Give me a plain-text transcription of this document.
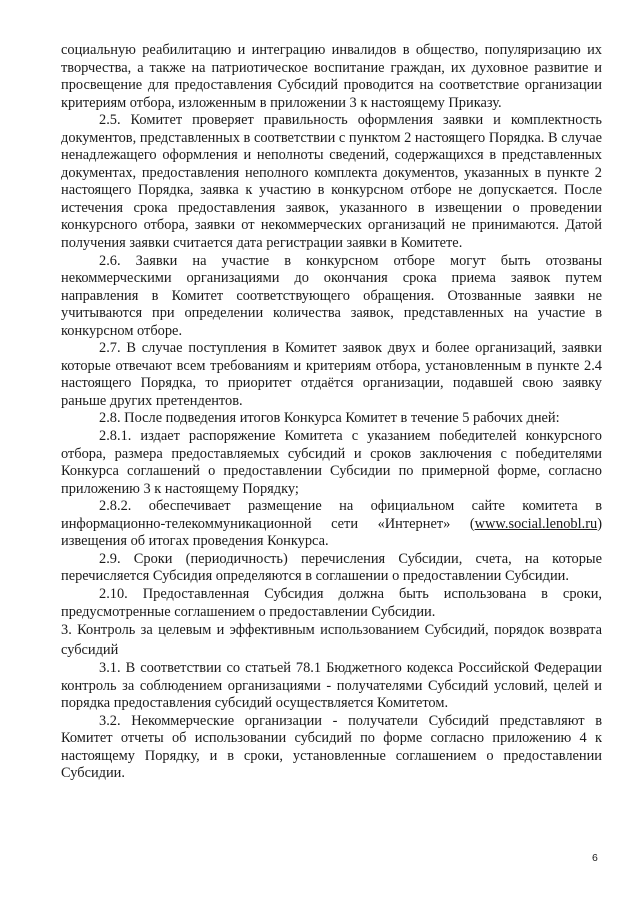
социальную реабилитацию и интеграцию инвалидов в общество, популяризацию их творчества, а также на патриотическое воспитание граждан, их духовное развитие и просвещение для предоставления Субсидий проводится на соответствие организации критериям отбора, изложенным в приложении 3 к настоящему Приказу.

2.5. Комитет проверяет правильность оформления заявки и комплектность документов, представленных в соответствии с пунктом 2 настоящего Порядка. В случае ненадлежащего оформления и неполноты сведений, содержащихся в представленных документах, предоставления неполного комплекта документов, указанных в пункте 2 настоящего Порядка, заявка к участию в конкурсном отборе не допускается. После истечения срока предоставления заявок, указанного в извещении о проведении конкурсного отбора, заявки от некоммерческих организаций не принимаются. Датой получения заявки считается дата регистрации заявки в Комитете.

2.6. Заявки на участие в конкурсном отборе могут быть отозваны некоммерческими организациями до окончания срока приема заявок путем направления в Комитет соответствующего обращения. Отозванные заявки не учитываются при определении количества заявок, представленных на участие в конкурсном отборе.

2.7. В случае поступления в Комитет заявок двух и более организаций, заявки которые отвечают всем требованиям и критериям отбора, установленным в пункте 2.4 настоящего Порядка, то приоритет отдаётся организации, подавшей свою заявку раньше других претендентов.

2.8. После подведения итогов Конкурса Комитет в течение 5 рабочих дней:

2.8.1. издает распоряжение Комитета с указанием победителей конкурсного отбора, размера предоставляемых субсидий и сроков заключения с победителями Конкурса соглашений о предоставлении Субсидии по примерной форме, согласно приложению 3 к настоящему Порядку;

2.8.2. обеспечивает размещение на официальном сайте комитета в информационно-телекоммуникационной сети «Интернет» (www.social.lenobl.ru) извещения об итогах проведения Конкурса.

2.9. Сроки (периодичность) перечисления Субсидии, счета, на которые перечисляется Субсидия определяются в соглашении о предоставлении Субсидии.

2.10. Предоставленная Субсидия должна быть использована в сроки, предусмотренные соглашением о предоставлении Субсидии.

3. Контроль за целевым и эффективным использованием Субсидий, порядок возврата субсидий

3.1. В соответствии со статьей 78.1 Бюджетного кодекса Российской Федерации контроль за соблюдением организациями - получателями Субсидий условий, целей и порядка предоставления субсидий осуществляется Комитетом.

3.2. Некоммерческие организации - получатели Субсидий представляют в Комитет отчеты об использовании субсидий по форме согласно приложению 4 к настоящему Порядку, и в сроки, установленные соглашением о предоставлении Субсидии.

6
